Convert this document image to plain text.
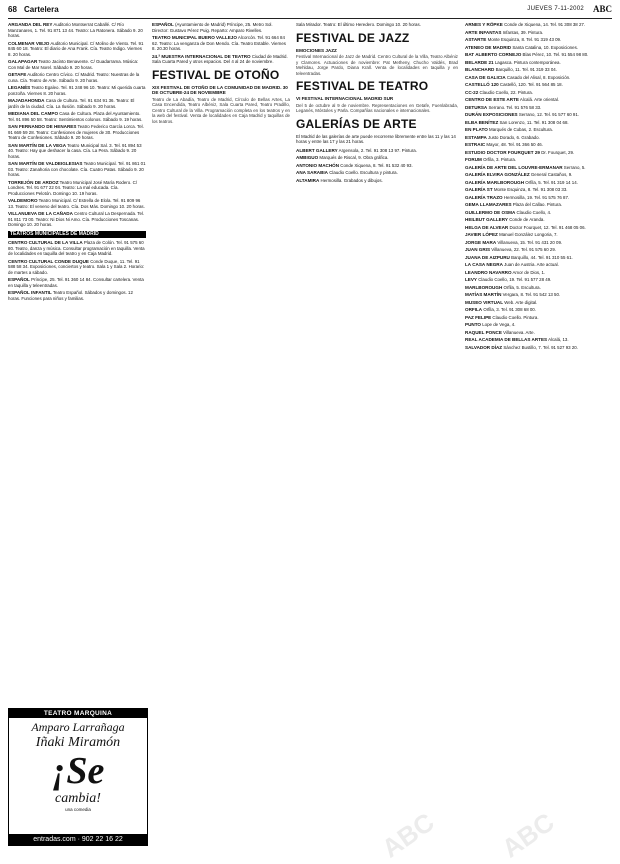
68 Cartelera	JUEVES 7-11-2002 ABC
ARGANDA DEL REY Auditorio Montserrat Caballé. C/ Río Manzanares, 1. Tel. 91 871 13 44. Teatro: La Ratonera. Sábado 9. 20 horas.
COLMENAR VIEJO Auditorio Municipal. C/ Molino de Viento. Tel. 91 845 60 18. Teatro: El diario de Ana Frank. Cía. Teatro Indigo. Viernes 8. 20 horas.
GALAPAGAR Teatro Jacinto Benavente. C/ Guadarrama. Música: Con Mal de Mar Norel. Sábado 9. 20 horas.
GETAFE Auditorio Centro Cívico. C/ Madrid. Teatro: Nuestras de la cuna. Cía. Teatro de Arte. Sábado 9. 20 horas.
LEGANÉS Teatro Egaleo. Tel. 91 248 96 10. Teatro: Mi querida cuarta ponzoña. Viernes 8. 20 horas.
MAJADAHONDA Casa de Cultura. Tel. 91 634 91 36. Teatro: El jardín de la ciudad. Cía. La Ilusión. Sábado 9. 20 horas.
MEDIANA DEL CAMPO Casa de Cultura. Plaza del Ayuntamiento. Tel. 91 896 50 58. Teatro: Sentimientos colonos. Sábado 9. 19 horas.
SAN FERNANDO DE HENARES Teatro Federico García Lorca. Tel. 91 669 59 28. Teatro: Confesiones de mujeres de 30. Producciones Teatro de Confesiones. Sábado 9. 20 horas.
SAN MARTÍN DE LA VEGA Teatro Municipal Sal. 3. Tel. 91 894 53 40. Teatro: Hay que deshacer la casa. Cía. La Pera. Sábado 9. 20 horas.
SAN MARTÍN DE VALDEIGLESIAS Teatro Municipal. Tel. 91 861 01 03. Teatro: Zanahoria con chocolate. Cía. Cuatro Patas. Sábado 9. 20 horas.
TORREJÓN DE ARDOZ Teatro Municipal José María Rodero. C/ Londres. Tel. 91 677 22 04. Teatro: La mal educada. Cía. Producciones Pelotón. Domingo 10. 19 horas.
VALDEMORO Teatro Municipal. C/ Estrella de Elola. Tel. 91 809 96 13. Teatro: El veneno del teatro. Cía. Dos Más. Domingo 10. 20 horas.
VILLANUEVA DE LA CAÑADA Centro Cultural La Despernada. Tel. 91 811 73 00. Teatro: Ni Dios Ni Amo. Cía. Producciones Toscanas. Domingo 10. 20 horas.
TEATROS MUNICIPALES DE MADRID
CENTRO CULTURAL DE LA VILLA Plaza de Colón. Tel. 91 575 60 80. Teatro, danza y música. Consultar programación en taquilla. Venta de localidades en taquilla del teatro y en Caja Madrid.
CENTRO CULTURAL CONDE DUQUE Conde Duque, 11. Tel. 91 588 58 34. Exposiciones, conciertos y teatro. Sala 1 y Sala 2. Horario: de martes a sábado.
ESPAÑOL Príncipe, 25. Tel. 91 360 14 84. Consultar cartelera. Venta en taquilla y teleentradas.
ESPAÑOL INFANTIL Teatro Español. Sábados y domingos. 12 horas. Funciones para niños y familias.
ESPAÑOL (Ayuntamiento de Madrid) Príncipe, 25. Metro Sol. Director: Gustavo Pérez Puig. Reparto: Amparo Rivelles.
TEATRO MUNICIPAL BUERO VALLEJO Alcorcón. Tel. 91 664 84 62. Teatro: La venganza de Don Mendo. Cía. Teatro Estable. Viernes 8. 20.30 horas.
24.ª MUESTRA INTERNACIONAL DE TEATRO Ciudad de Madrid. Sala Cuarta Pared y otros espacios. Del 4 al 24 de noviembre.
FESTIVAL DE OTOÑO
XIX FESTIVAL DE OTOÑO DE LA COMUNIDAD DE MADRID. 30 DE OCTUBRE-24 DE NOVIEMBRE
Teatro de La Abadía, Teatro de Madrid, Círculo de Bellas Artes, La Casa Encendida, Teatro Albéniz, Sala Cuarta Pared, Teatro Pradillo, Centro Cultural de la Villa. Programación completa en los teatros y en la web del festival. Venta de localidades en Caja Madrid y taquillas de los teatros.
Sala Mirador. Teatro: El último Heredero. Domingo 10. 20 horas.
FESTIVAL DE JAZZ
EMOCIONES JAZZ
Festival Internacional de Jazz de Madrid. Centro Cultural de la Villa, Teatro Albéniz y Clamores. Actuaciones de noviembre: Pat Metheny, Chucho Valdés, Brad Mehldau, Jorge Pardo, Diana Krall. Venta de localidades en taquilla y en teleentradas.
FESTIVAL DE TEATRO
VI FESTIVAL INTERNACIONAL MADRID SUR
Del 5 de octubre al 9 de noviembre. Representaciones en Getafe, Fuenlabrada, Leganés, Móstoles y Parla. Compañías nacionales e internacionales.
GALERÍAS DE ARTE
El Madrid de las galerías de arte puede recorrerse libremente entre las 11 y las 14 horas y entre las 17 y las 21 horas.
ALBERT GALLERY Argensola, 2. Tel. 91 308 13 97. Pintura.
AMBIGUO Marqués de Riscal, 9. Obra gráfica.
ANTONIO MACHÓN Conde Xiquena, 8. Tel. 91 532 40 93.
ANA SARABIA Claudio Coello. Escultura y pintura.
ALTAMIRA Hermosilla. Grabados y dibujos.
ARNES Y RÖPKE Conde de Xiquena, 14. Tel. 91 308 38 27.
ARTE INFANTAS Infantas, 39. Pintura.
ASTARTE Monte Esquinza, 8. Tel. 91 319 43 09.
ATENEO DE MADRID Santa Catalina, 10. Exposiciones.
BAT ALBERTO CORNEJO Blas Pérez, 10. Tel. 91 554 98 80.
BELARDE 21 Lagasca. Pintura contemporánea.
BLANCHARD Barquillo, 11. Tel. 91 319 33 04.
CASA DE GALICIA Casado del Alisal, 8. Exposición.
CASTELLÓ 120 Castelló, 120. Tel. 91 564 85 18.
CC-22 Claudio Coello, 22. Pintura.
CENTRO DE ESTE ARTE Alcalá. Arte oriental.
DETURSA Serrano. Tel. 91 576 58 33.
DURÁN EXPOSICIONES Serrano, 12. Tel. 91 577 60 91.
ELBA BENÍTEZ San Lorenzo, 11. Tel. 91 308 04 68.
EN PLATO Marqués de Cubas, 2. Escultura.
ESTAMPA Justo Dorado, 6. Grabado.
ESTRAIC Mayor, 48. Tel. 91 366 50 46.
ESTUDIO DOCTOR FOURQUET 29 Dr. Fourquet, 29.
FORUM Orfila, 3. Pintura.
GALERÍA DE ARTE DEL LOUVRE-ERMANAR Serrano, 5.
GALERÍA ELVIRA GONZÁLEZ General Castaños, 9.
GALERÍA MARLBOROUGH Orfila, 5. Tel. 91 319 14 14.
GALERÍA ST Monte Esquinza, 8. Tel. 91 308 03 33.
GALERÍA TRAZO Hermosilla, 19. Tel. 91 575 76 87.
GEMA LLAMAZARES Plaza del Callao. Pintura.
GUILLERMO DE OSMA Claudio Coello, 4.
HEILBUT GALLERY Conde de Aranda.
HELGA DE ALVEAR Doctor Fourquet, 12. Tel. 91 468 05 06.
JAVIER LÓPEZ Manuel González Longoria, 7.
JORGE MARA Villanueva, 15. Tel. 91 431 20 09.
JUAN GRIS Villanueva, 22. Tel. 91 575 60 29.
JUANA DE AIZPURU Barquillo, 44. Tel. 91 310 55 61.
LA CASA NEGRA Juan de Austria. Arte actual.
LEANDRO NAVARRO Amor de Dios, 1.
LEVY Claudio Coello, 19. Tel. 91 577 28 49.
MARLBOROUGH Orfila, 5. Escultura.
MATÍAS MARTÍN Vergara, 8. Tel. 91 542 13 50.
MUSEO VIRTUAL Web. Arte digital.
ORFILA Orfila, 3. Tel. 91 308 68 00.
PAZ FELIPE Claudio Coello. Pintura.
PUNTO Lope de Vega, 4.
RAQUEL PONCE Villanueva. Arte.
REAL ACADEMIA DE BELLAS ARTES Alcalá, 13.
SALVADOR DÍAZ Sánchez Bustillo, 7. Tel. 91 527 93 20.
TEATRO MARQUINA
Amparo Larrañaga
Iñaki Miramón
¡Se
cambia!
una comedia
entradas.com · 902 22 16 22	ABC
ABC
